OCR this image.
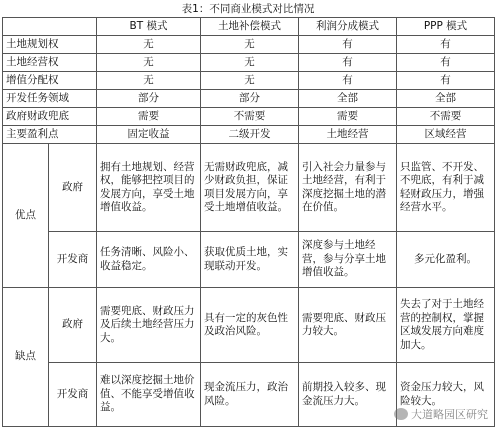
表1：不同商业模式对比情况
		BT 模式	土地补偿模式	利润分成模式	PPP 模式
土地规划权		无	无	有	有
土地经营权		无	无	有	有
增值分配权		无	无	有	有
开发任务领域		部分	部分	全部	全部
政府财政兜底		需要	不需要	需要	不需要
主要盈利点		固定收益	二级开发	土地经营	区域经营
优点	政府	拥有土地规划、经营权，能够把控项目的发展方向，享受土地增值收益。	无需财政兜底，减少财政负担，保证项目发展方向，享受土地增值收益。	引入社会力量参与土地经营，有利于深度挖掘土地的潜在价值。	只监管、不开发、不兜底，有利于减轻财政压力，增强经营水平。
	开发商	任务清晰、风险小、收益稳定。	获取优质土地，实现联动开发。	深度参与土地经营，参与分享土地增值收益。	多元化盈利。
缺点	政府	需要兜底、财政压力及后续土地经营压力大。	具有一定的灰色性及政治风险。	需要兜底、财政压力较大。	失去了对于土地经营的控制权，掌握区域发展方向难度加大。
	开发商	难以深度挖掘土地价值、不能享受增值收益。	现金流压力，政治风险。	前期投入较多、现金流压力大。	资金压力较大，风险较大。
大道略园区研究
